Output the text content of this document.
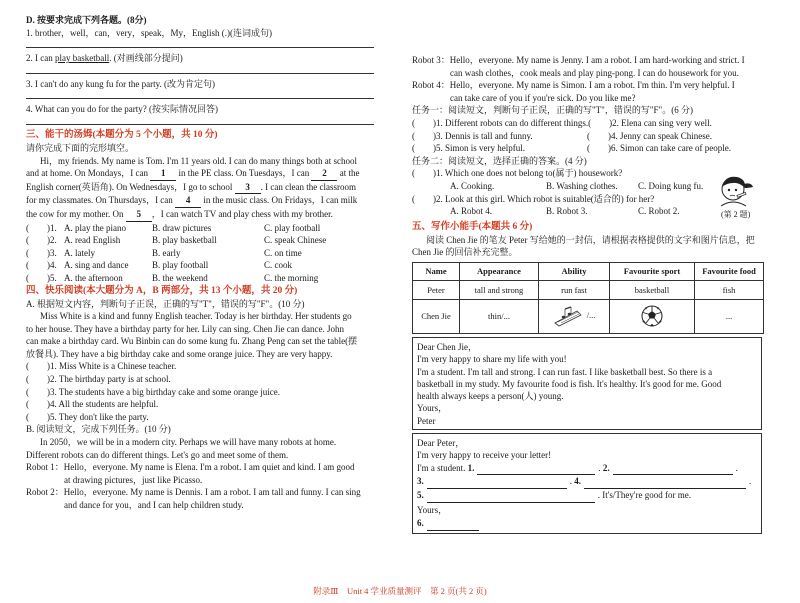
D. 按要求完成下列各题。(8分)
1. brother，well，can，very，speak，My，English (.)(连词成句)
2. I can play basketball. (对画线部分提问)
3. I can't do any kung fu for the party. (改为肯定句)
4. What can you do for the party? (按实际情况回答)
三、能干的汤姆(本题分为 5 个小题，共 10 分)
请你完成下面的完形填空。
Hi，my friends. My name is Tom. I'm 11 years old. I can do many things both at school
and at home. On Mondays，I can 1 in the PE class. On Tuesdays，I can 2 at the
English corner(英语角). On Wednesdays，I go to school 3 . I can clean the classroom
for my classmates. On Thursdays，I can 4 in the music class. On Fridays，I can milk
the cow for my mother. On 5 ，I can watch TV and play chess with my brother.
(　　)1. A. play the piano	B. draw pictures	C. play football
(　　)2. A. read English	B. play basketball	C. speak Chinese
(　　)3. A. lately	B. early	C. on time
(　　)4. A. sing and dance	B. play football	C. cook
(　　)5. A. the afternoon	B. the weekend	C. the morning
四、快乐阅读(本大题分为 A，B 两部分，共 13 个小题，共 20 分)
A. 根据短文内容，判断句子正误，正确的写"T"，错误的写"F"。(10 分)
Miss White is a kind and funny English teacher. Today is her birthday. Her students go
to her house. They have a birthday party for her. Lily can sing. Chen Jie can dance. John
can make a birthday card. Wu Binbin can do some kung fu. Zhang Peng can set the table(摆
放餐具). They have a big birthday cake and some orange juice. They are very happy.
(　　)1. Miss White is a Chinese teacher.
(　　)2. The birthday party is at school.
(　　)3. The students have a big birthday cake and some orange juice.
(　　)4. All the students are helpful.
(　　)5. They don't like the party.
B. 阅读短文，完成下列任务。(10 分)
In 2050，we will be in a modern city. Perhaps we will have many robots at home.
Different robots can do different things. Let's go and meet some of them.
Robot 1：Hello，everyone. My name is Elena. I'm a robot. I am quiet and kind. I am good
at drawing pictures，just like Picasso.
Robot 2：Hello，everyone. My name is Dennis. I am a robot. I am tall and funny. I can sing
and dance for you，and I can help children study.
Robot 3：Hello，everyone. My name is Jenny. I am a robot. I am hard-working and strict. I
can wash clothes，cook meals and play ping-pong. I can do housework for you.
Robot 4：Hello，everyone. My name is Simon. I am a robot. I'm thin. I'm very helpful. I
can take care of you if you're sick. Do you like me?
任务一：阅读短文，判断句子正误，正确的写"T"，错误的写"F"。(6 分)
(　　)1. Different robots can do different things. (　　)2. Elena can sing very well.
(　　)3. Dennis is tall and funny.	(　　)4. Jenny can speak Chinese.
(　　)5. Simon is very helpful.	(　　)6. Simon can take care of people.
任务二：阅读短文，选择正确的答案。(4 分)
(　　)1. Which one does not belong to(属于) housework?
A. Cooking.	B. Washing clothes.	C. Doing kung fu.
(　　)2. Look at this girl. Which robot is suitable(适合的) for her?
A. Robot 4.	B. Robot 3.	C. Robot 2.
五、写作小能手(本题共 6 分)
阅读 Chen Jie 的笔友 Peter 写给她的一封信，请根据表格提供的文字和图片信息，把
Chen Jie 的回信补充完整。
Name	Appearance	Ability	Favourite sport	Favourite food
Peter	tall and strong	run fast	basketball	fish
Chen Jie	thin/...	/...		...
Dear Chen Jie，
I'm very happy to share my life with you!
I'm a student. I'm tall and strong. I can run fast. I like basketball best. So there is a
basketball in my study. My favourite food is fish. It's healthy. It's good for me. Good
health always keeps a person(人) young.
Yours，
Peter
Dear Peter，
I'm very happy to receive your letter!
I'm a student.
1.	.
2.	.
3.	.
4.	.
5.	. It's/They're good for me.
Yours，
6.
(第 2 题)
附录Ⅲ　Unit 4 学业质量测评　第 2 页(共 2 页)
